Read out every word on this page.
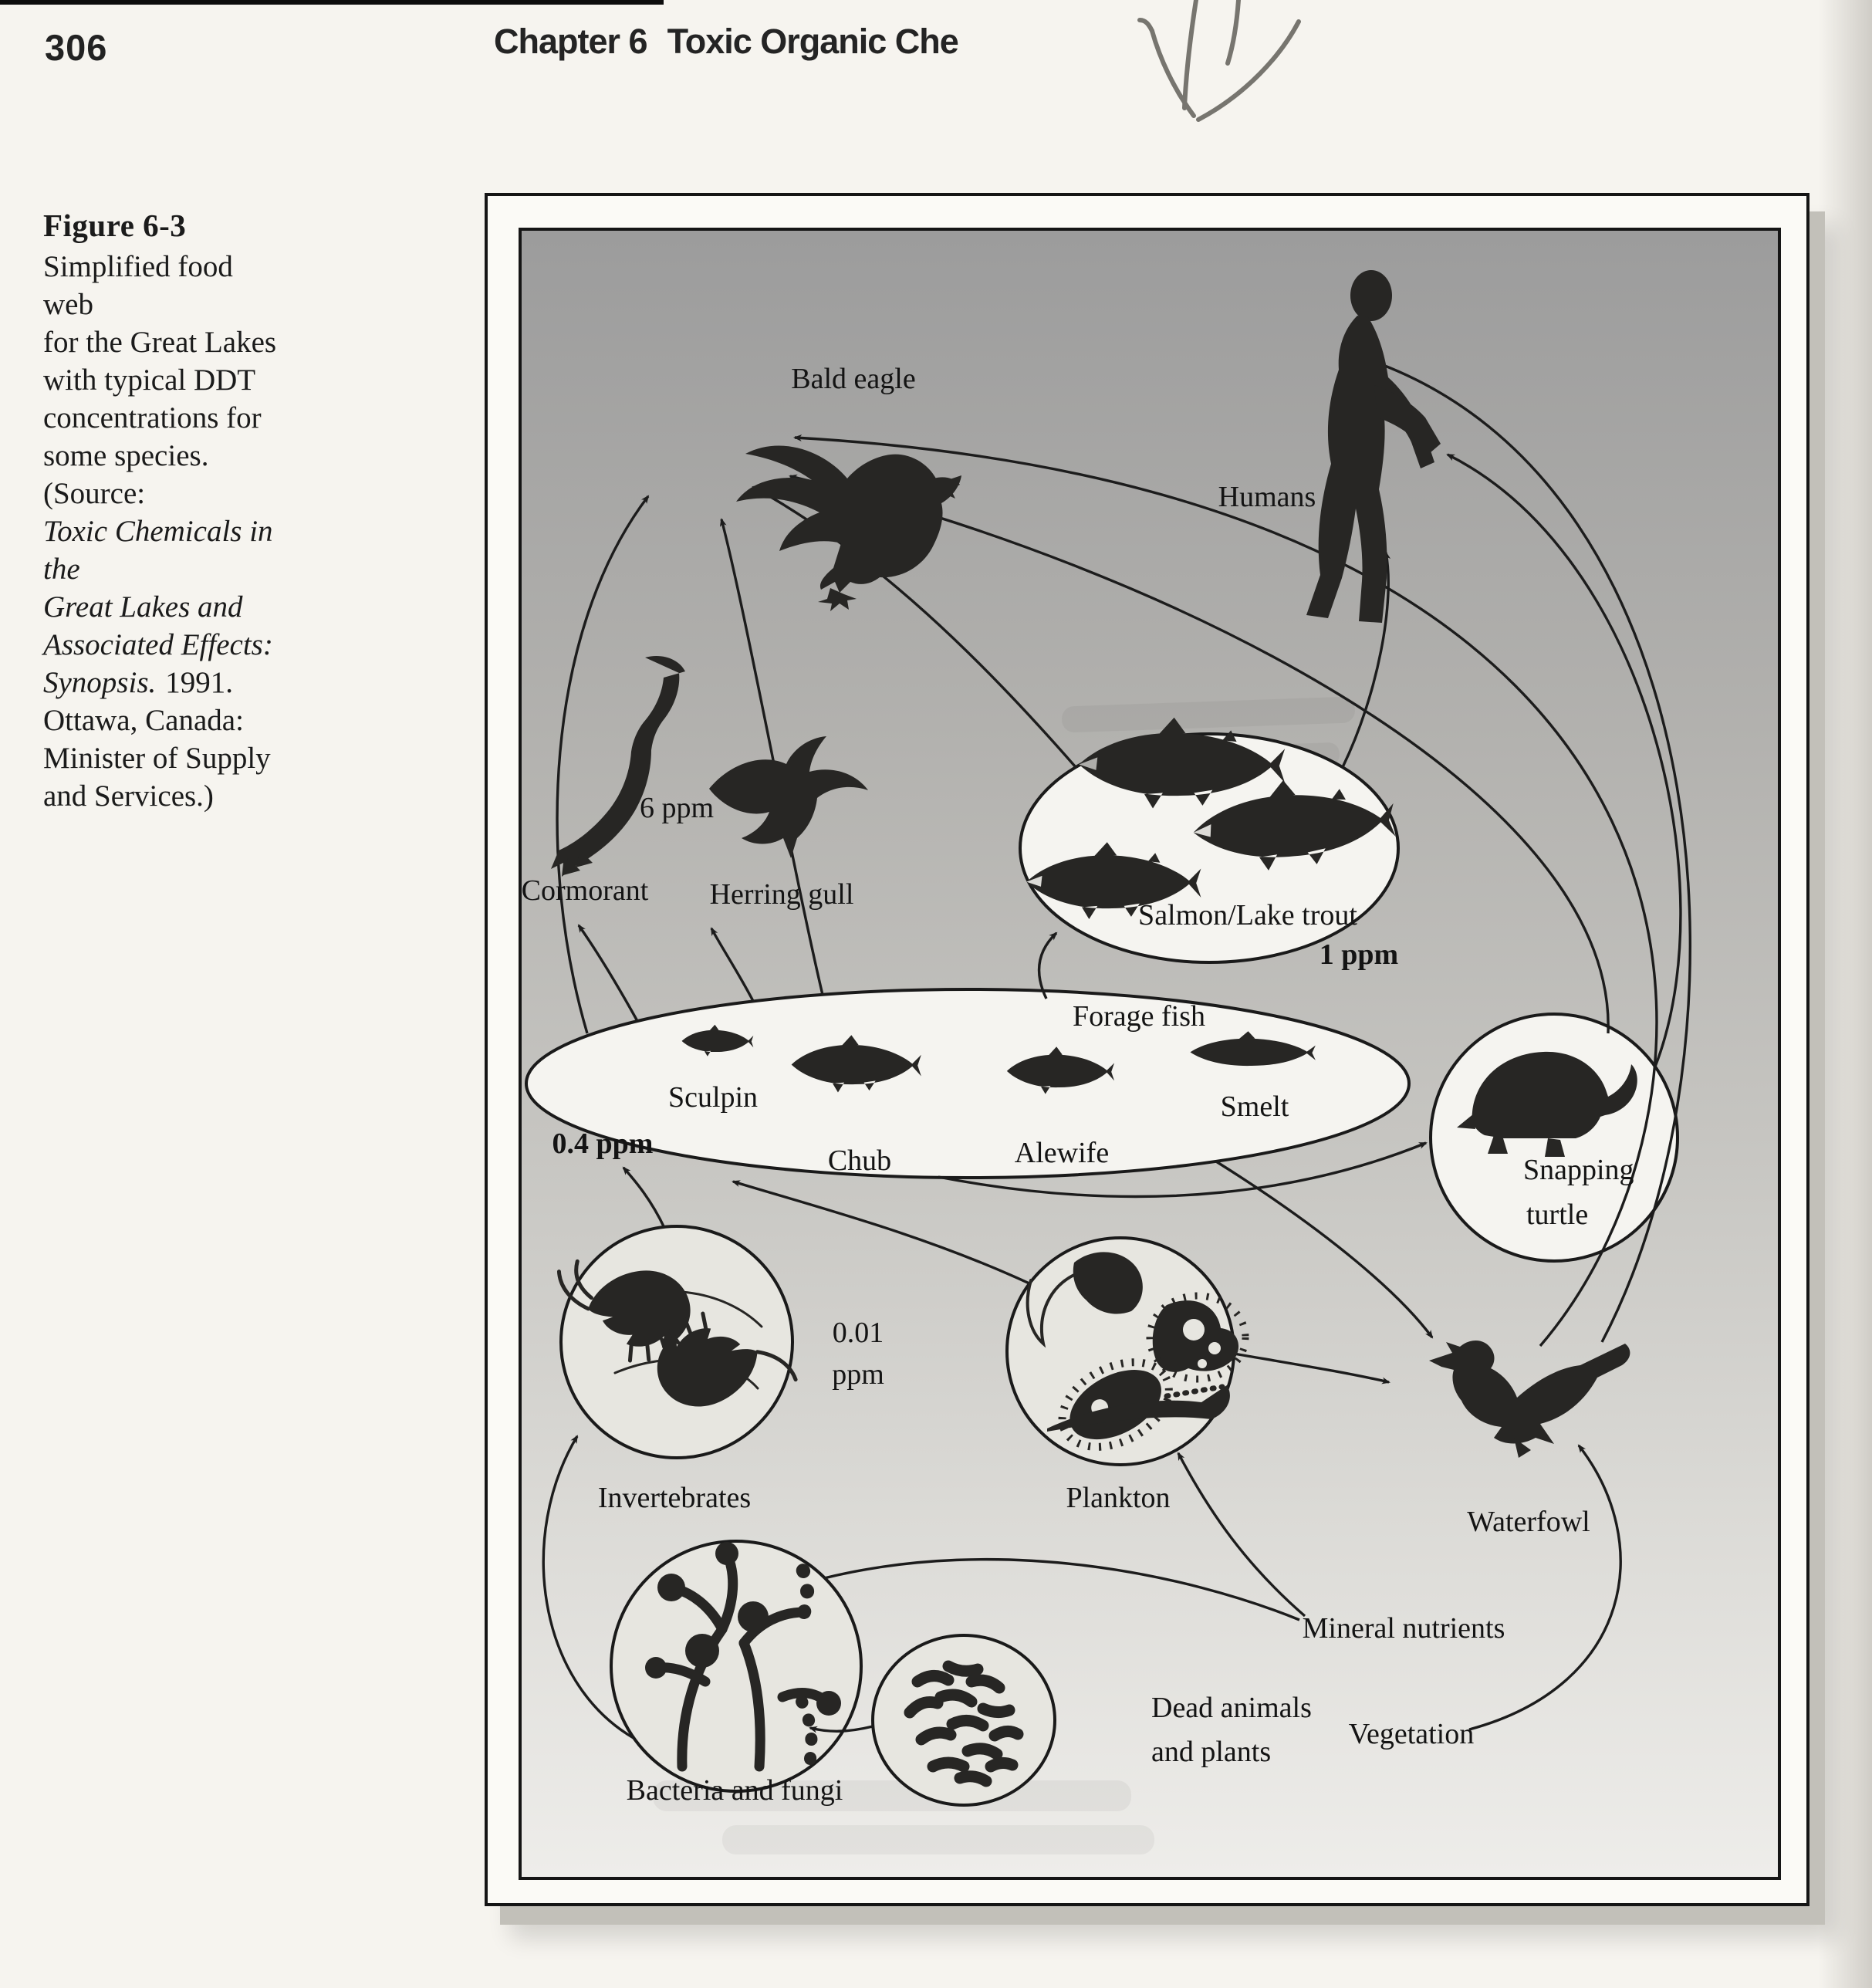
306	Chapter 6 Toxic Organic Che
Figure 6-3
Simplified food web
for the Great Lakes
with typical DDT
concentrations for
some species. (Source:
Toxic Chemicals in the
Great Lakes and
Associated Effects:
Synopsis. 1991.
Ottawa, Canada:
Minister of Supply
and Services.)
Bald eagle
Humans
6 ppm
Cormorant Herring gull
Salmon/Lake trout
1 ppm
Forage fish
Sculpin
Chub	Alewife
Smelt
0.4 ppm
Snapping
turtle
0.01
ppm
Invertebrates	Plankton
Waterfowl
Bacteria and fungi
Dead animals
and plants
Mineral nutrients
Vegetation
